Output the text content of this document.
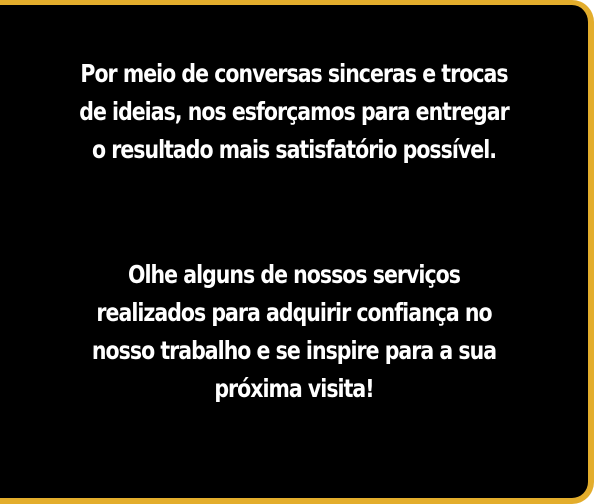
Por meio de conversas sinceras e trocas de ideias, nos esforçamos para entregar o resultado mais satisfatório possível.

Olhe alguns de nossos serviços realizados para adquirir confiança no nosso trabalho e se inspire para a sua próxima visita!
